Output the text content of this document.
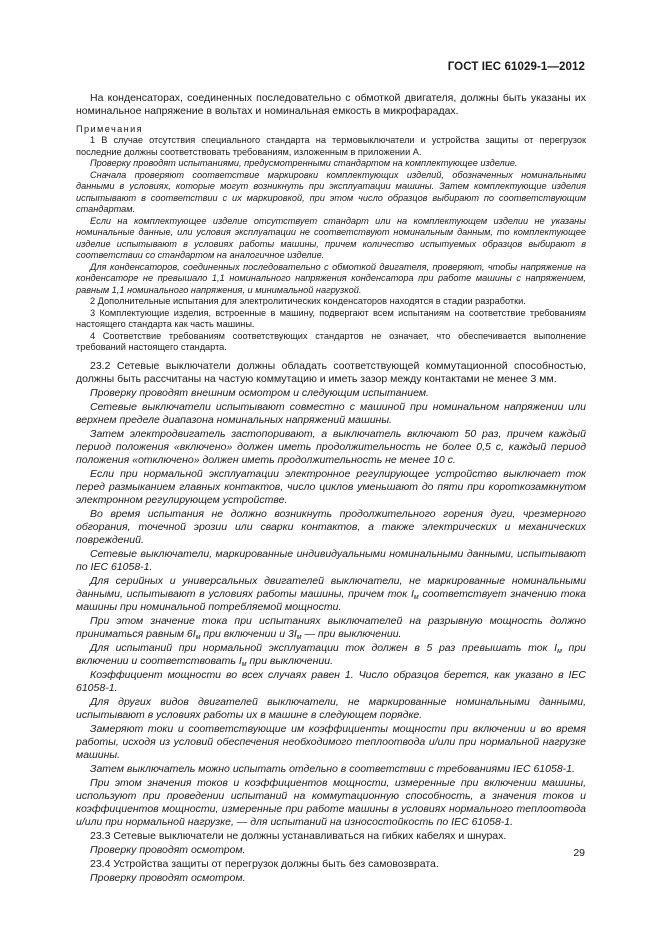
ГОСТ IEC 61029-1—2012

На конденсаторах, соединенных последовательно с обмоткой двигателя, должны быть указаны их номинальное напряжение в вольтах и номинальная емкость в микрофарадах.

Примечания

1 В случае отсутствия специального стандарта на термовыключатели и устройства защиты от перегрузок последние должны соответствовать требованиям, изложенным в приложении А.

Проверку проводят испытаниями, предусмотренными стандартом на комплектующее изделие.

Сначала проверяют соответствие маркировки комплектующих изделий, обозначенных номинальными данными в условиях, которые могут возникнуть при эксплуатации машины. Затем комплектующие изделия испытывают в соответствии с их маркировкой, при этом число образцов выбирают по соответствующим стандартам.

Если на комплектующее изделие отсутствует стандарт или на комплектующем изделии не указаны номинальные данные, или условия эксплуатации не соответствуют номинальным данным, то комплектующее изделие испытывают в условиях работы машины, причем количество испытуемых образцов выбирают в соответствии со стандартом на аналогичное изделие.

Для конденсаторов, соединенных последовательно с обмоткой двигателя, проверяют, чтобы напряжение на конденсаторе не превышало 1,1 номинального напряжения конденсатора при работе машины с напряжением, равным 1,1 номинального напряжения, и минимальной нагрузкой.

2 Дополнительные испытания для электролитических конденсаторов находятся в стадии разработки.

3 Комплектующие изделия, встроенные в машину, подвергают всем испытаниям на соответствие требованиям настоящего стандарта как часть машины.

4 Соответствие требованиям соответствующих стандартов не означает, что обеспечивается выполнение требований настоящего стандарта.

23.2 Сетевые выключатели должны обладать соответствующей коммутационной способностью, должны быть рассчитаны на частую коммутацию и иметь зазор между контактами не менее 3 мм.

Проверку проводят внешним осмотром и следующим испытанием.

Сетевые выключатели испытывают совместно с машиной при номинальном напряжении или верхнем пределе диапазона номинальных напряжений машины.

Затем электродвигатель застопоривают, а выключатель включают 50 раз, причем каждый период положения «включено» должен иметь продолжительность не более 0,5 с, каждый период положения «отключено» должен иметь продолжительность не менее 10 с.

Если при нормальной эксплуатации электронное регулирующее устройство выключает ток перед размыканием главных контактов, число циклов уменьшают до пяти при короткозамкнутом электронном регулирующем устройстве.

Во время испытания не должно возникнуть продолжительного горения дуги, чрезмерного обгорания, точечной эрозии или сварки контактов, а также электрических и механических повреждений.

Сетевые выключатели, маркированные индивидуальными номинальными данными, испытывают по IEC 61058-1.

Для серийных и универсальных двигателей выключатели, не маркированные номинальными данными, испытывают в условиях работы машины, причем ток $I_м$ соответствует значению тока машины при номинальной потребляемой мощности.

При этом значение тока при испытаниях выключателей на разрывную мощность должно приниматься равным $6I_м$ при включении и $3I_м$ — при выключении.

Для испытаний при нормальной эксплуатации ток должен в 5 раз превышать ток $I_м$ при включении и соответствовать $I_м$ при выключении.

Коэффициент мощности во всех случаях равен 1. Число образцов берется, как указано в IEC 61058-1.

Для других видов двигателей выключатели, не маркированные номинальными данными, испытывают в условиях работы их в машине в следующем порядке.

Замеряют токи и соответствующие им коэффициенты мощности при включении и во время работы, исходя из условий обеспечения необходимого теплоотвода и/или при нормальной нагрузке машины.

Затем выключатель можно испытать отдельно в соответствии с требованиями IEC 61058-1.

При этом значения токов и коэффициентов мощности, измеренные при включении машины, используют при проведении испытаний на коммутационную способность, а значения токов и коэффициентов мощности, измеренные при работе машины в условиях нормального теплоотвода и/или при нормальной нагрузке, — для испытаний на износостойкость по IEC 61058-1.

23.3 Сетевые выключатели не должны устанавливаться на гибких кабелях и шнурах.

Проверку проводят осмотром.

23.4 Устройства защиты от перегрузок должны быть без самовозврата.

Проверку проводят осмотром.

29
